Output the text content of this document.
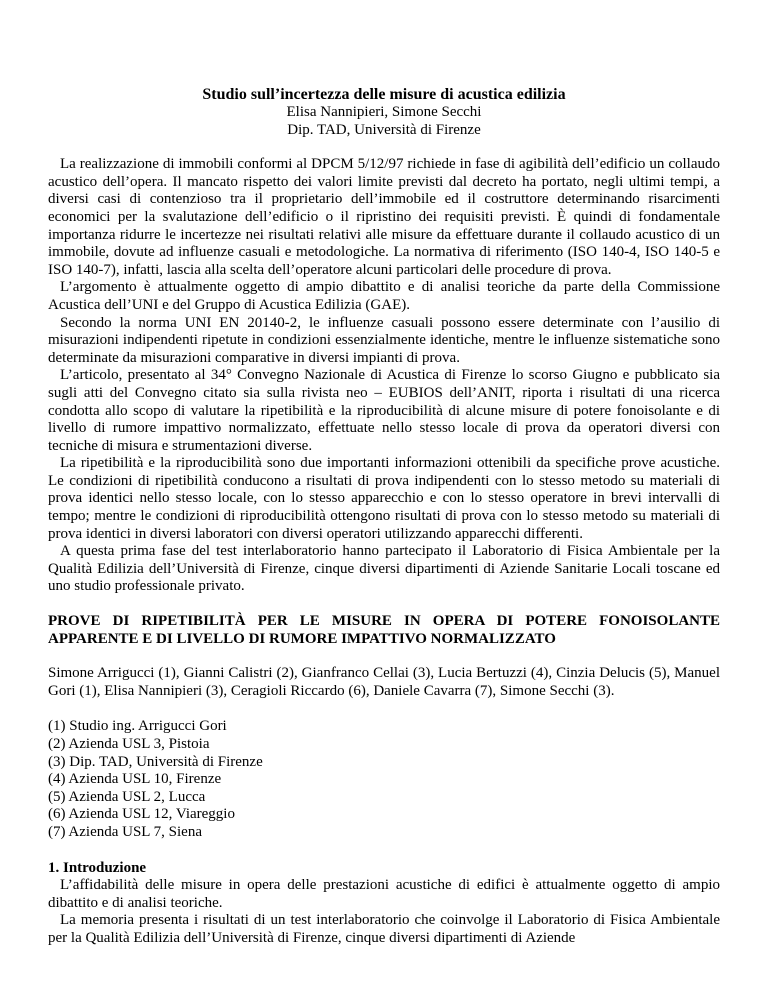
Studio sull’incertezza delle misure di acustica edilizia

Elisa Nannipieri, Simone Secchi

Dip. TAD, Università di Firenze

La realizzazione di immobili conformi al DPCM 5/12/97 richiede in fase di agibilità dell’edificio un collaudo acustico dell’opera. Il mancato rispetto dei valori limite previsti dal decreto ha portato, negli ultimi tempi, a diversi casi di contenzioso tra il proprietario dell’immobile ed il costruttore determinando risarcimenti economici per la svalutazione dell’edificio o il ripristino dei requisiti previsti. È quindi di fondamentale importanza ridurre le incertezze nei risultati relativi alle misure da effettuare durante il collaudo acustico di un immobile, dovute ad influenze casuali e metodologiche. La normativa di riferimento (ISO 140-4, ISO 140-5 e ISO 140-7), infatti, lascia alla scelta dell’operatore alcuni particolari delle procedure di prova.

L’argomento è attualmente oggetto di ampio dibattito e di analisi teoriche da parte della Commissione Acustica dell’UNI e del Gruppo di Acustica Edilizia (GAE).

Secondo la norma UNI EN 20140-2, le influenze casuali possono essere determinate con l’ausilio di misurazioni indipendenti ripetute in condizioni essenzialmente identiche, mentre le influenze sistematiche sono determinate da misurazioni comparative in diversi impianti di prova.

L’articolo, presentato al 34° Convegno Nazionale di Acustica di Firenze lo scorso Giugno e pubblicato sia sugli atti del Convegno citato sia sulla rivista neo – EUBIOS dell’ANIT, riporta i risultati di una ricerca condotta allo scopo di valutare la ripetibilità e la riproducibilità di alcune misure di potere fonoisolante e di livello di rumore impattivo normalizzato, effettuate nello stesso locale di prova da operatori diversi con tecniche di misura e strumentazioni diverse.

La ripetibilità e la riproducibilità sono due importanti informazioni ottenibili da specifiche prove acustiche. Le condizioni di ripetibilità conducono a risultati di prova indipendenti con lo stesso metodo su materiali di prova identici nello stesso locale, con lo stesso apparecchio e con lo stesso operatore in brevi intervalli di tempo; mentre le condizioni di riproducibilità ottengono risultati di prova con lo stesso metodo su materiali di prova identici in diversi laboratori con diversi operatori utilizzando apparecchi differenti.

A questa prima fase del test interlaboratorio hanno partecipato il Laboratorio di Fisica Ambientale per la Qualità Edilizia dell’Università di Firenze, cinque diversi dipartimenti di Aziende Sanitarie Locali toscane ed uno studio professionale privato.

PROVE DI RIPETIBILITÀ PER LE MISURE IN OPERA DI POTERE FONOISOLANTE APPARENTE E DI LIVELLO DI RUMORE IMPATTIVO NORMALIZZATO

Simone Arrigucci (1), Gianni Calistri (2), Gianfranco Cellai (3), Lucia Bertuzzi (4), Cinzia Delucis (5), Manuel Gori (1), Elisa Nannipieri (3), Ceragioli Riccardo (6), Daniele Cavarra (7), Simone Secchi (3).

(1) Studio ing. Arrigucci Gori
(2) Azienda USL 3, Pistoia
(3) Dip. TAD, Università di Firenze
(4) Azienda USL 10, Firenze
(5) Azienda USL 2, Lucca
(6) Azienda USL 12, Viareggio
(7) Azienda USL 7, Siena

1. Introduzione

L’affidabilità delle misure in opera delle prestazioni acustiche di edifici è attualmente oggetto di ampio dibattito e di analisi teoriche.

La memoria presenta i risultati di un test interlaboratorio che coinvolge il Laboratorio di Fisica Ambientale per la Qualità Edilizia dell’Università di Firenze, cinque diversi dipartimenti di Aziende
